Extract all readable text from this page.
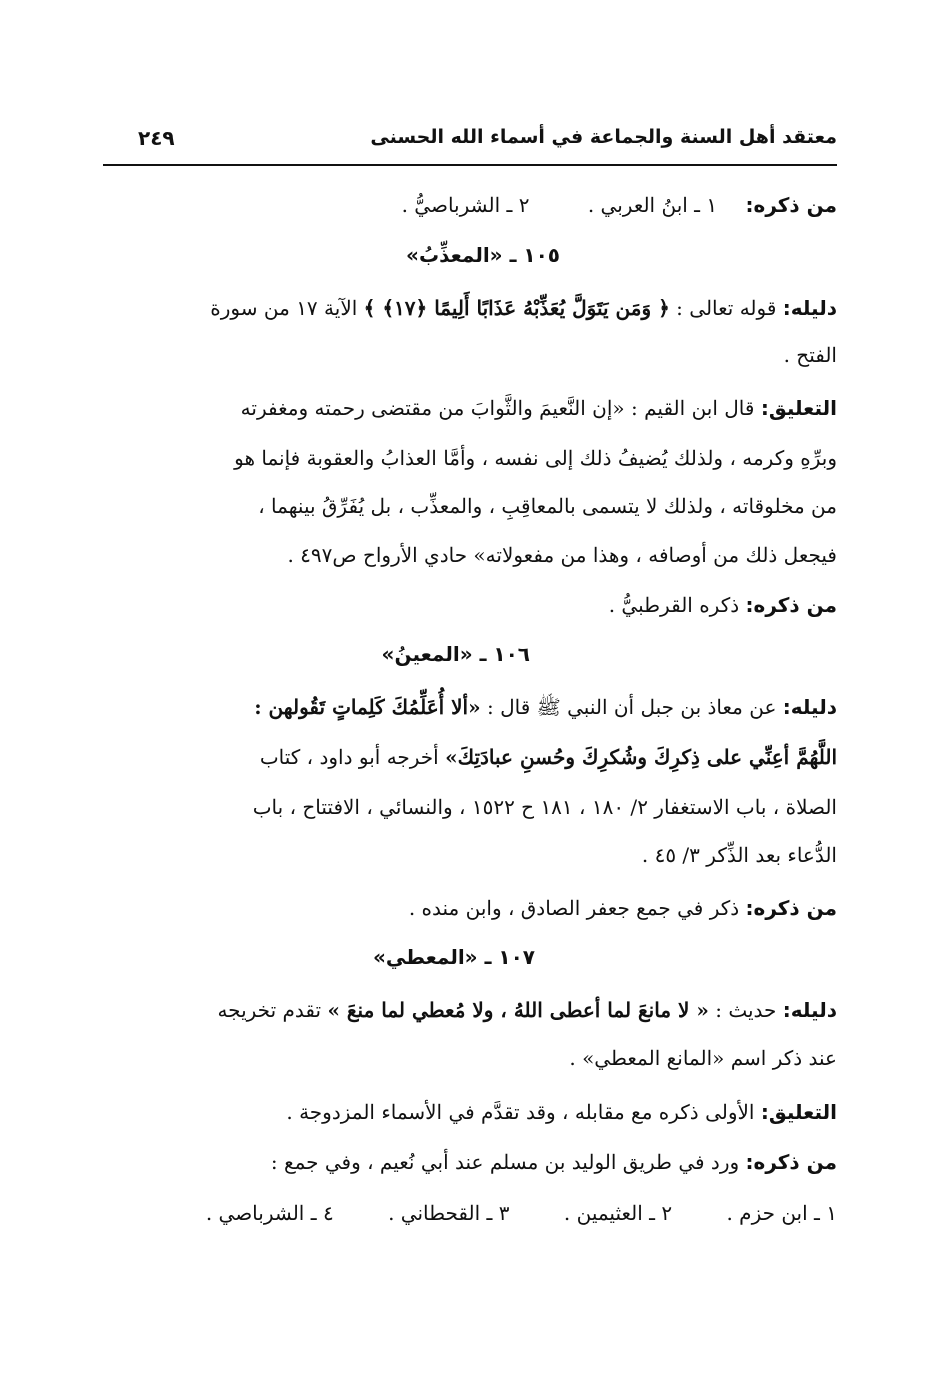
معتقد أهل السنة والجماعة في أسماء الله الحسنى
٢٤٩
من ذكره: ١ ـ ابنُ العربي . ٢ ـ الشرباصيُّ .
١٠٥ ـ «المعذِّبُ»
دليله: قوله تعالى : ﴿ وَمَن يَتَوَلَّ يُعَذِّبْهُ عَذَابًا أَلِيمًا ﴿١٧﴾ ﴾ الآية ١٧ من سورة
الفتح .
التعليق: قال ابن القيم : «إن النَّعيمَ والثَّوابَ من مقتضى رحمته ومغفرته
وبرِّهِ وكرمه ، ولذلك يُضيفُ ذلك إلى نفسه ، وأمَّا العذابُ والعقوبة فإنما هو
من مخلوقاته ، ولذلك لا يتسمى بالمعاقِبِ ، والمعذِّب ، بل يُفَرِّقُ بينهما ،
فيجعل ذلك من أوصافه ، وهذا من مفعولاته» حادي الأرواح ص٤٩٧ .
من ذكره: ذكره القرطبيُّ .
١٠٦ ـ «المعينُ»
دليله: عن معاذ بن جبل أن النبي ﷺ قال : «ألا أُعَلِّمُكَ كَلِماتٍ تَقُولهن :
اللَّهُمَّ أعِنِّي على ذِكرِكَ وشُكرِكَ وحُسنِ عبادَتِكَ» أخرجه أبو داود ، كتاب
الصلاة ، باب الاستغفار ٢/ ١٨٠ ، ١٨١ ح ١٥٢٢ ، والنسائي ، الافتتاح ، باب
الدُّعاء بعد الذِّكر ٣/ ٤٥ .
من ذكره: ذكر في جمع جعفر الصادق ، وابن منده .
١٠٧ ـ «المعطي»
دليله: حديث : « لا مانعَ لما أعطى اللهُ ، ولا مُعطي لما منعَ » تقدم تخريجه
عند ذكر اسم «المانع المعطي» .
التعليق: الأولى ذكره مع مقابله ، وقد تقدَّم في الأسماء المزدوجة .
من ذكره: ورد في طريق الوليد بن مسلم عند أبي نُعيم ، وفي جمع :
١ ـ ابن حزم . ٢ ـ العثيمين . ٣ ـ القحطاني . ٤ ـ الشرباصي .
